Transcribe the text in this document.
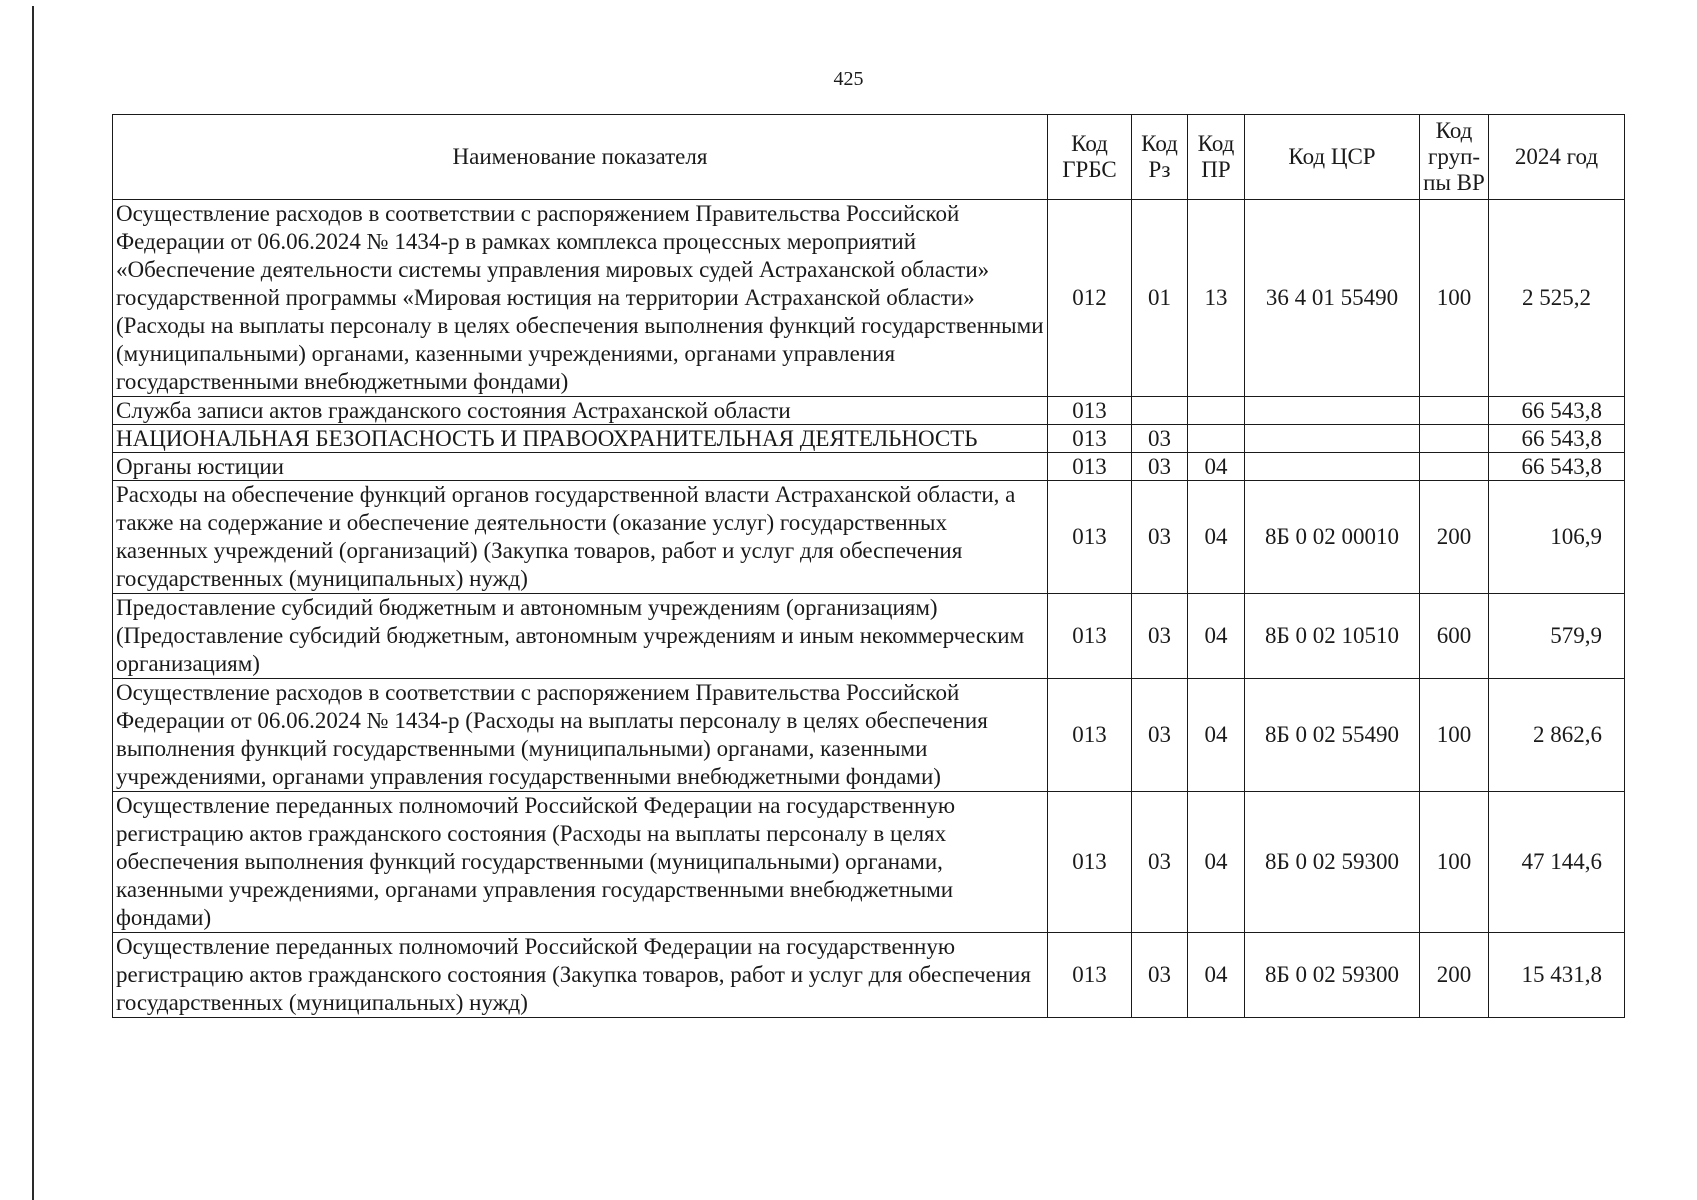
425
Наименование показателя	Код ГРБС	Код Рз	Код ПР	Код ЦСР	Код груп-пы ВР	2024 год
Осуществление расходов в соответствии с распоряжением Правительства Российской Федерации от 06.06.2024 № 1434-р в рамках комплекса процессных мероприятий «Обеспечение деятельности системы управления мировых судей Астраханской области» государственной программы «Мировая юстиция на территории Астраханской области» (Расходы на выплаты персоналу в целях обеспечения выполнения функций государственными (муниципальными) органами, казенными учреждениями, органами управления государственными внебюджетными фондами)	012	01	13	36 4 01 55490	100	2 525,2
Служба записи актов гражданского состояния Астраханской области	013					66 543,8
НАЦИОНАЛЬНАЯ БЕЗОПАСНОСТЬ И ПРАВООХРАНИТЕЛЬНАЯ ДЕЯТЕЛЬНОСТЬ	013	03				66 543,8
Органы юстиции	013	03	04			66 543,8
Расходы на обеспечение функций органов государственной власти Астраханской области, а также на содержание и обеспечение деятельности (оказание услуг) государственных казенных учреждений (организаций) (Закупка товаров, работ и услуг для обеспечения государственных (муниципальных) нужд)	013	03	04	8Б 0 02 00010	200	106,9
Предоставление субсидий бюджетным и автономным учреждениям (организациям) (Предоставление субсидий бюджетным, автономным учреждениям и иным некоммерческим организациям)	013	03	04	8Б 0 02 10510	600	579,9
Осуществление расходов в соответствии с распоряжением Правительства Российской Федерации от 06.06.2024 № 1434-р (Расходы на выплаты персоналу в целях обеспечения выполнения функций государственными (муниципальными) органами, казенными учреждениями, органами управления государственными внебюджетными фондами)	013	03	04	8Б 0 02 55490	100	2 862,6
Осуществление переданных полномочий Российской Федерации на государственную регистрацию актов гражданского состояния (Расходы на выплаты персоналу в целях обеспечения выполнения функций государственными (муниципальными) органами, казенными учреждениями, органами управления государственными внебюджетными фондами)	013	03	04	8Б 0 02 59300	100	47 144,6
Осуществление переданных полномочий Российской Федерации на государственную регистрацию актов гражданского состояния (Закупка товаров, работ и услуг для обеспечения государственных (муниципальных) нужд)	013	03	04	8Б 0 02 59300	200	15 431,8
